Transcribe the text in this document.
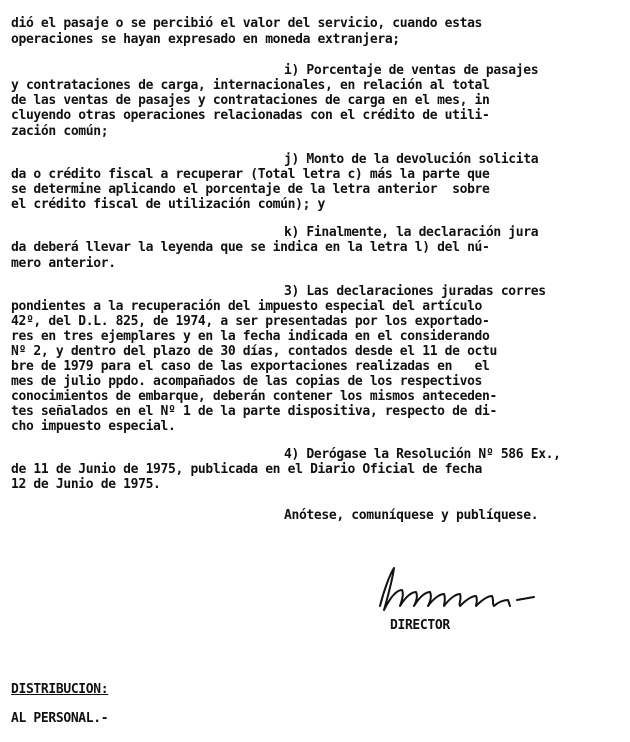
dió el pasaje o se percibió el valor del servicio, cuando estas
operaciones se hayan expresado en moneda extranjera;
i) Porcentaje de ventas de pasajes
y contrataciones de carga, internacionales, en relación al total
de las ventas de pasajes y contrataciones de carga en el mes, in
cluyendo otras operaciones relacionadas con el crédito de utili-
zación común;
j) Monto de la devolución solicita
da o crédito fiscal a recuperar (Total letra c) más la parte que
se determine aplicando el porcentaje de la letra anterior  sobre
el crédito fiscal de utilización común); y
k) Finalmente, la declaración jura
da deberá llevar la leyenda que se indica en la letra l) del nú-
mero anterior.
3) Las declaraciones juradas corres
pondientes a la recuperación del impuesto especial del artículo
42º, del D.L. 825, de 1974, a ser presentadas por los exportado-
res en tres ejemplares y en la fecha indicada en el considerando
Nº 2, y dentro del plazo de 30 días, contados desde el 11 de octu
bre de 1979 para el caso de las exportaciones realizadas en   el
mes de julio ppdo. acompañados de las copias de los respectivos
conocimientos de embarque, deberán contener los mismos anteceden-
tes señalados en el Nº 1 de la parte dispositiva, respecto de di-
cho impuesto especial.
4) Derógase la Resolución Nº 586 Ex.,
de 11 de Junio de 1975, publicada en el Diario Oficial de fecha
12 de Junio de 1975.
Anótese, comuníquese y publíquese.
DIRECTOR
DISTRIBUCION:
AL PERSONAL.-
